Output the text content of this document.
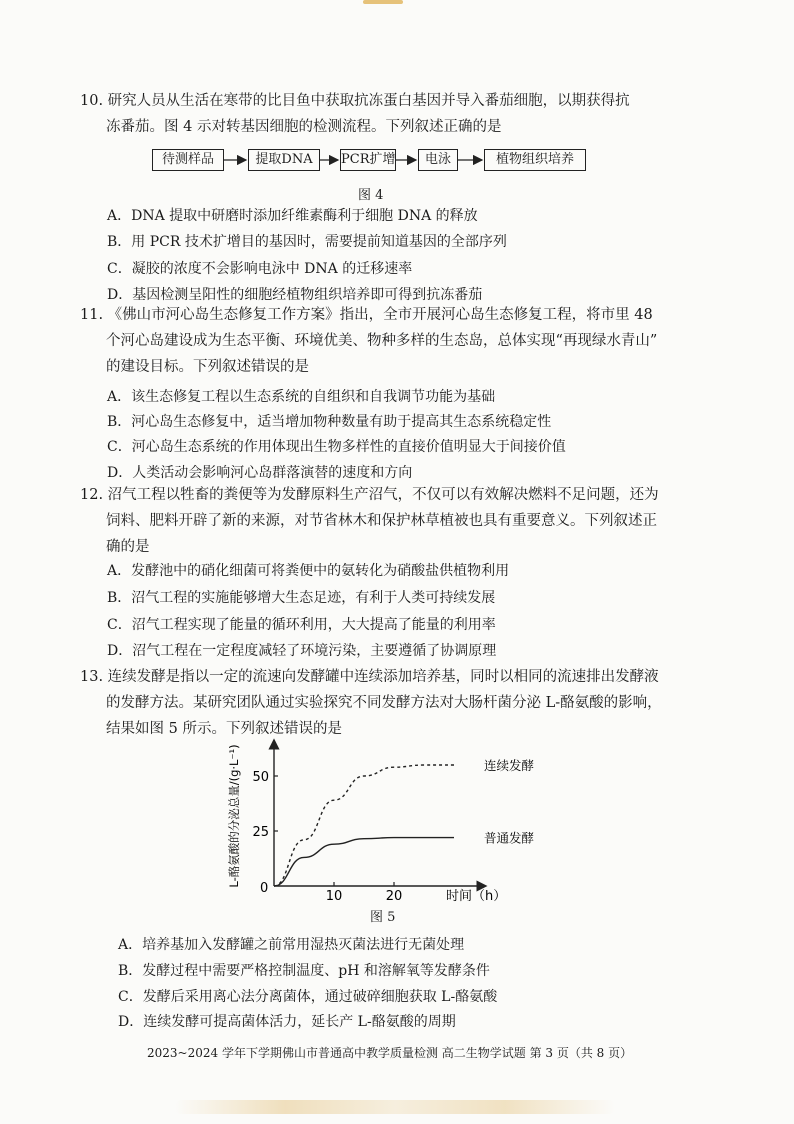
10. 研究人员从生活在寒带的比目鱼中获取抗冻蛋白基因并导入番茄细胞，以期获得抗
冻番茄。图 4 示对转基因细胞的检测流程。下列叙述正确的是
待测样品	提取DNA	PCR扩增	电泳	植物组织培养
图 4
A．DNA 提取中研磨时添加纤维素酶利于细胞 DNA 的释放
B．用 PCR 技术扩增目的基因时，需要提前知道基因的全部序列
C．凝胶的浓度不会影响电泳中 DNA 的迁移速率
D．基因检测呈阳性的细胞经植物组织培养即可得到抗冻番茄
11. 《佛山市河心岛生态修复工作方案》指出，全市开展河心岛生态修复工程，将市里 48
个河心岛建设成为生态平衡、环境优美、物种多样的生态岛，总体实现“再现绿水青山”
的建设目标。下列叙述错误的是
A．该生态修复工程以生态系统的自组织和自我调节功能为基础
B．河心岛生态修复中，适当增加物种数量有助于提高其生态系统稳定性
C．河心岛生态系统的作用体现出生物多样性的直接价值明显大于间接价值
D．人类活动会影响河心岛群落演替的速度和方向
12. 沼气工程以牲畜的粪便等为发酵原料生产沼气，不仅可以有效解决燃料不足问题，还为
饲料、肥料开辟了新的来源，对节省林木和保护林草植被也具有重要意义。下列叙述正
确的是
A．发酵池中的硝化细菌可将粪便中的氨转化为硝酸盐供植物利用
B．沼气工程的实施能够增大生态足迹，有利于人类可持续发展
C．沼气工程实现了能量的循环利用，大大提高了能量的利用率
D．沼气工程在一定程度减轻了环境污染，主要遵循了协调原理
13. 连续发酵是指以一定的流速向发酵罐中连续添加培养基，同时以相同的流速排出发酵液
的发酵方法。某研究团队通过实验探究不同发酵方法对大肠杆菌分泌 L-酪氨酸的影响，
结果如图 5 所示。下列叙述错误的是
L-酪氨酸的分泌总量/(g·L⁻¹)
0
时间（h）
10	20
25
50
连续发酵
普通发酵
图 5
A．培养基加入发酵罐之前常用湿热灭菌法进行无菌处理
B．发酵过程中需要严格控制温度、pH 和溶解氧等发酵条件
C．发酵后采用离心法分离菌体，通过破碎细胞获取 L-酪氨酸
D．连续发酵可提高菌体活力，延长产 L-酪氨酸的周期
2023~2024 学年下学期佛山市普通高中教学质量检测 高二生物学试题 第 3 页（共 8 页）
